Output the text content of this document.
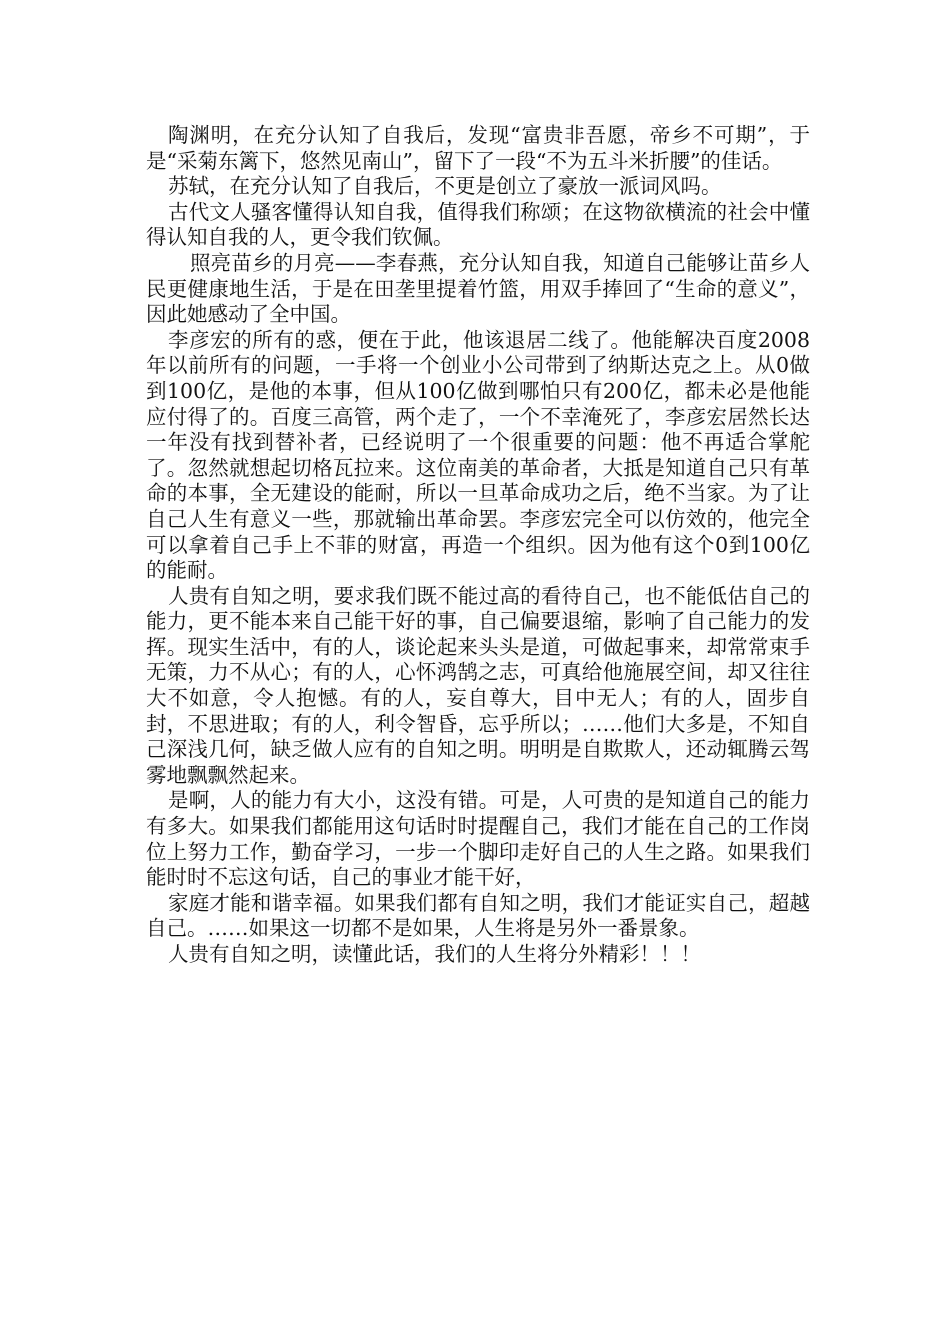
陶渊明，在充分认知了自我后，发现“富贵非吾愿，帝乡不可期”，于是“采菊东篱下，悠然见南山”，留下了一段“不为五斗米折腰”的佳话。

苏轼，在充分认知了自我后，不更是创立了豪放一派词风吗。

古代文人骚客懂得认知自我，值得我们称颂；在这物欲横流的社会中懂得认知自我的人，更令我们钦佩。

照亮苗乡的月亮——李春燕，充分认知自我，知道自己能够让苗乡人民更健康地生活，于是在田垄里提着竹篮，用双手捧回了“生命的意义”，因此她感动了全中国。

李彦宏的所有的惑，便在于此，他该退居二线了。他能解决百度2008年以前所有的问题，一手将一个创业小公司带到了纳斯达克之上。从0做到100亿，是他的本事，但从100亿做到哪怕只有200亿，都未必是他能应付得了的。百度三高管，两个走了，一个不幸淹死了，李彦宏居然长达一年没有找到替补者，已经说明了一个很重要的问题：他不再适合掌舵了。忽然就想起切格瓦拉来。这位南美的革命者，大抵是知道自己只有革命的本事，全无建设的能耐，所以一旦革命成功之后，绝不当家。为了让自己人生有意义一些，那就输出革命罢。李彦宏完全可以仿效的，他完全可以拿着自己手上不菲的财富，再造一个组织。因为他有这个0到100亿的能耐。

人贵有自知之明，要求我们既不能过高的看待自己，也不能低估自己的能力，更不能本来自己能干好的事，自己偏要退缩，影响了自己能力的发挥。现实生活中，有的人，谈论起来头头是道，可做起事来，却常常束手无策，力不从心；有的人，心怀鸿鹄之志，可真给他施展空间，却又往往大不如意，令人抱憾。有的人，妄自尊大，目中无人；有的人，固步自封，不思进取；有的人，利令智昏，忘乎所以；……他们大多是，不知自己深浅几何，缺乏做人应有的自知之明。明明是自欺欺人，还动辄腾云驾雾地飘飘然起来。

是啊，人的能力有大小，这没有错。可是，人可贵的是知道自己的能力有多大。如果我们都能用这句话时时提醒自己，我们才能在自己的工作岗位上努力工作，勤奋学习，一步一个脚印走好自己的人生之路。如果我们能时时不忘这句话，自己的事业才能干好，
家庭才能和谐幸福。如果我们都有自知之明，我们才能证实自己，超越自己。……如果这一切都不是如果，人生将是另外一番景象。

人贵有自知之明，读懂此话，我们的人生将分外精彩！！！
